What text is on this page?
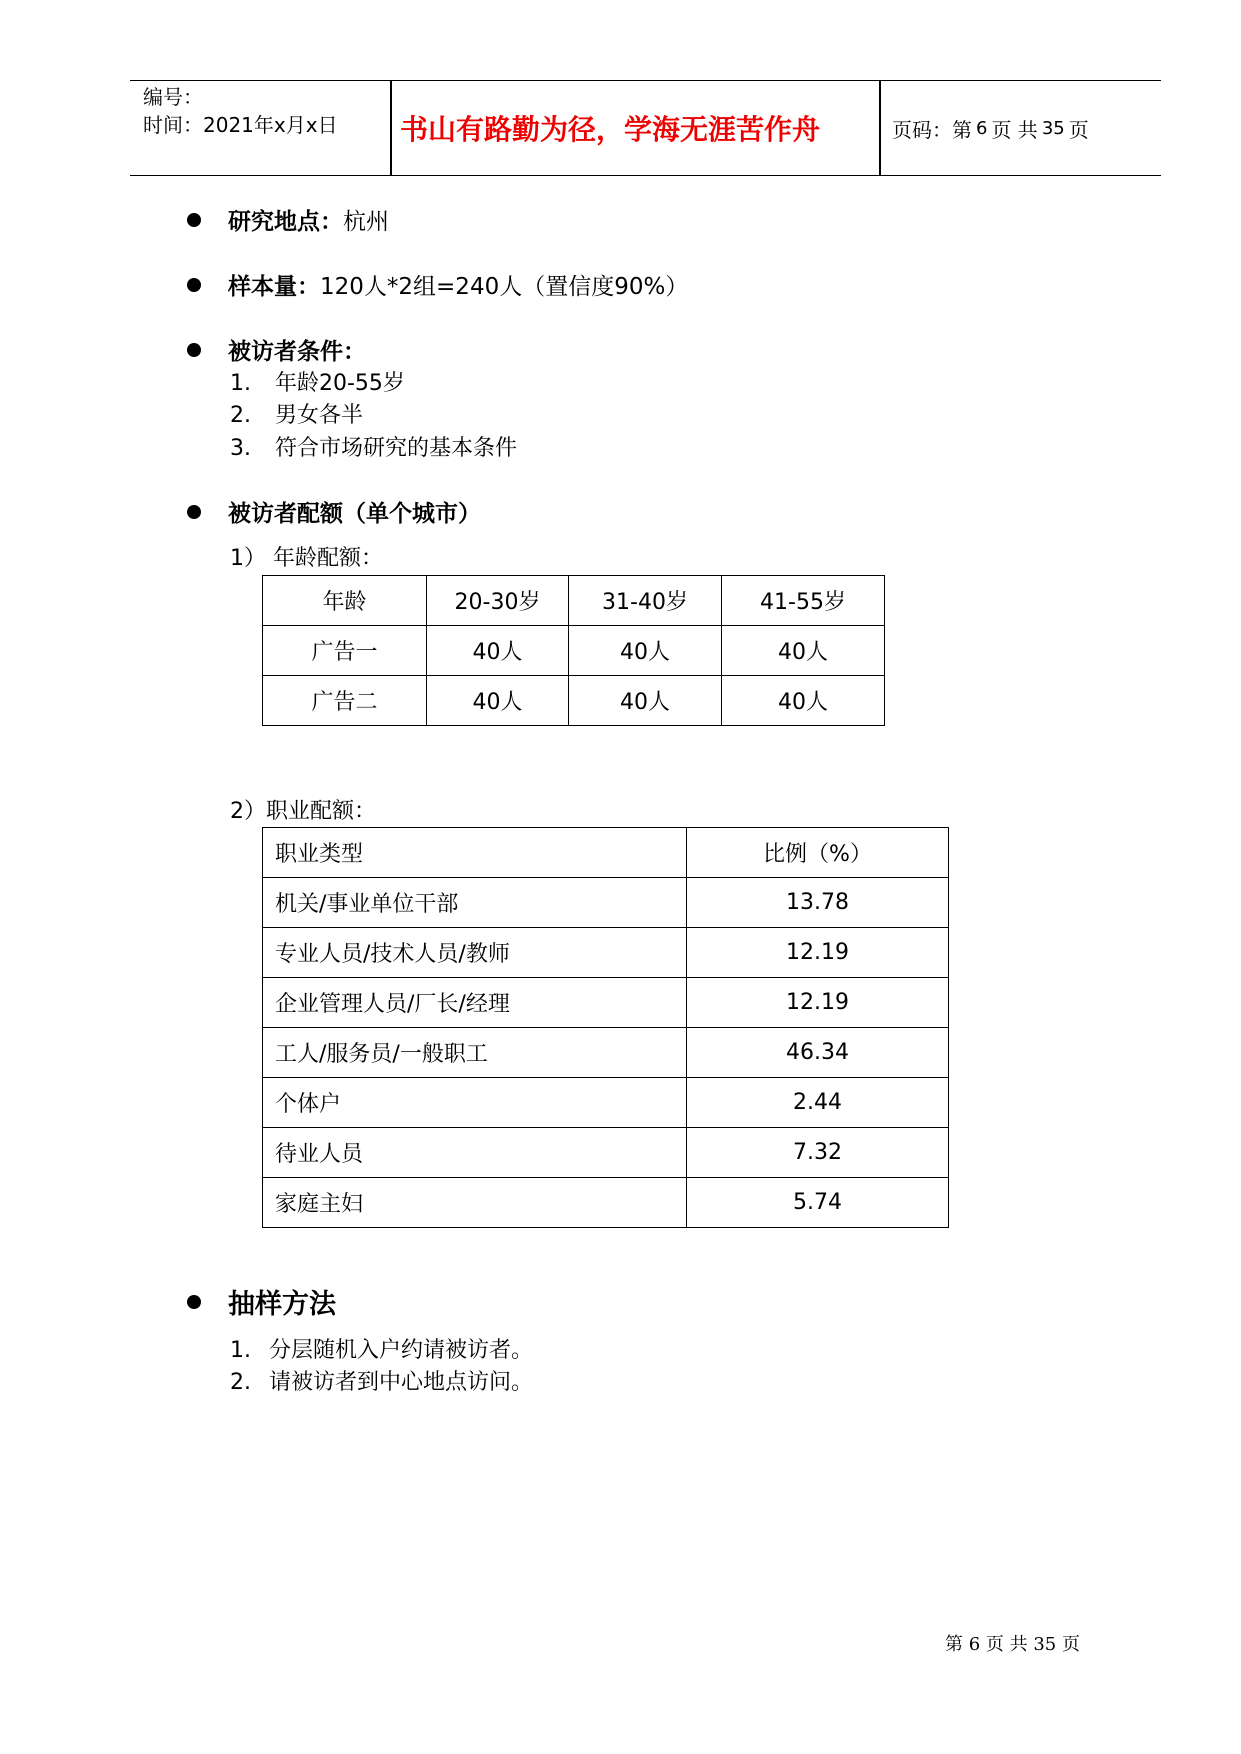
编号：
时间：2021年x月x日 书山有路勤为径，学海无涯苦作舟	页码：第 6 页 共 35 页
研究地点： 杭州
样本量： 120人*2组=240人（置信度90%）
被访者条件：
1. 年龄20-55岁
2. 男女各半
3. 符合市场研究的基本条件
被访者配额（单个城市）
1） 年龄配额：
年龄	20-30岁	31-40岁	41-55岁
广告一	40人	40人	40人
广告二	40人	40人	40人
2）职业配额：
职业类型	比例（%）
机关/事业单位干部	13.78
专业人员/技术人员/教师	12.19
企业管理人员/厂长/经理	12.19
工人/服务员/一般职工	46.34
个体户	2.44
待业人员	7.32
家庭主妇	5.74
抽样方法
1. 分层随机入户约请被访者。
2. 请被访者到中心地点访问。
第 6 页 共 35 页
